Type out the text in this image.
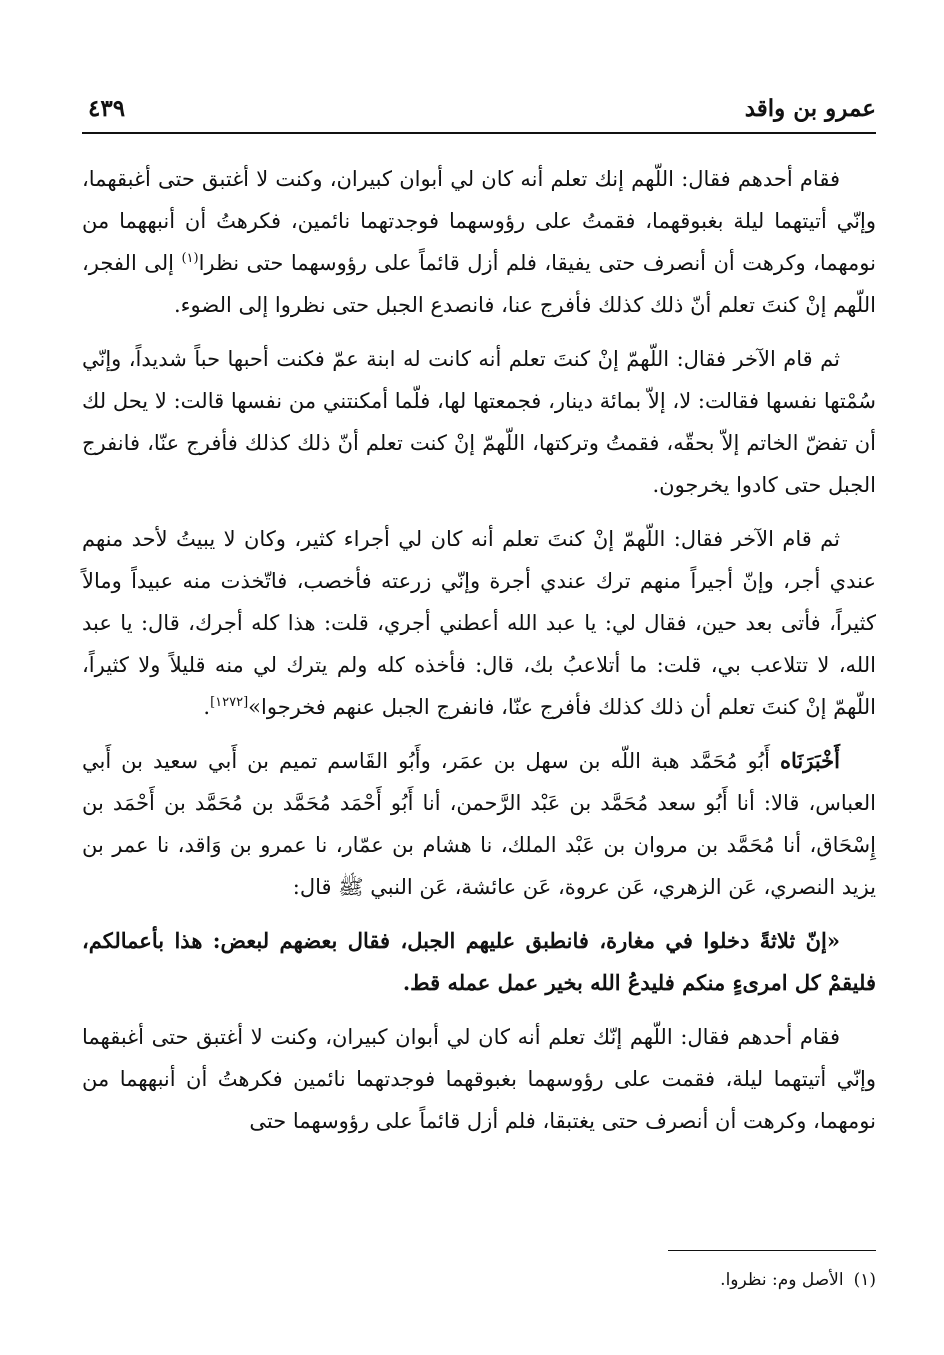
عمرو بن واقد
٤٣٩

فقام أحدهم فقال: اللّهم إنك تعلم أنه كان لي أبوان كبيران، وكنت لا أغتبق حتى أغبقهما، وإنّي أتيتهما ليلة بغبوقهما، فقمتُ على رؤوسهما فوجدتهما نائمين، فكرهتُ أن أنبههما من نومهما، وكرهت أن أنصرف حتى يفيقا، فلم أزل قائماً على رؤوسهما حتى نظرا$^{(١)}$ إلى الفجر، اللّهم إنْ كنتَ تعلم أنّ ذلك كذلك فأفرج عنا، فانصدع الجبل حتى نظروا إلى الضوء.

ثم قام الآخر فقال: اللّهمّ إنْ كنتَ تعلم أنه كانت له ابنة عمّ فكنت أحبها حباً شديداً، وإنّي سُمْتها نفسها فقالت: لا، إلاّ بمائة دينار، فجمعتها لها، فلّما أمكنتني من نفسها قالت: لا يحل لك أن تفضّ الخاتم إلاّ بحقّه، فقمتُ وتركتها، اللّهمّ إنْ كنت تعلم أنّ ذلك كذلك فأفرج عنّا، فانفرج الجبل حتى كادوا يخرجون.

ثم قام الآخر فقال: اللّهمّ إنْ كنتَ تعلم أنه كان لي أجراء كثير، وكان لا يبيتُ لأحد منهم عندي أجر، وإنّ أجيراً منهم ترك عندي أجرة وإنّي زرعته فأخصب، فاتّخذت منه عبيداً ومالاً كثيراً، فأتى بعد حين، فقال لي: يا عبد الله أعطني أجري، قلت: هذا كله أجرك، قال: يا عبد الله، لا تتلاعب بي، قلت: ما أتلاعبُ بك، قال: فأخذه كله ولم يترك لي منه قليلاً ولا كثيراً، اللّهمّ إنْ كنتَ تعلم أن ذلك كذلك فأفرج عنّا، فانفرج الجبل عنهم فخرجوا»[١٢٧٢].

أَخْبَرَنَاه أَبُو مُحَمَّد هبة اللّه بن سهل بن عمَر، وأَبُو القَاسم تميم بن أَبي سعيد بن أَبي العباس، قالا: أنا أَبُو سعد مُحَمَّد بن عَبْد الرَّحمن، أنا أَبُو أَحْمَد مُحَمَّد بن مُحَمَّد بن أَحْمَد بن إِسْحَاق، أنا مُحَمَّد بن مروان بن عَبْد الملك، نا هشام بن عمّار، نا عمرو بن وَاقد، نا عمر بن يزيد النصري، عَن الزهري، عَن عروة، عَن عائشة، عَن النبي ﷺ قال:

«إنّ ثلاثةً دخلوا في مغارة، فانطبق عليهم الجبل، فقال بعضهم لبعض: هذا بأعمالكم، فليقمْ كل امرىءٍ منكم فليدعُ الله بخير عمل عمله قط.

فقام أحدهم فقال: اللّهم إنّك تعلم أنه كان لي أبوان كبيران، وكنت لا أغتبق حتى أغبقهما وإنّي أتيتهما ليلة، فقمت على رؤوسهما بغبوقهما فوجدتهما نائمين فكرهتُ أن أنبههما من نومهما، وكرهت أن أنصرف حتى يغتبقا، فلم أزل قائماً على رؤوسهما حتى

(١)الأصل وم: نظروا.
